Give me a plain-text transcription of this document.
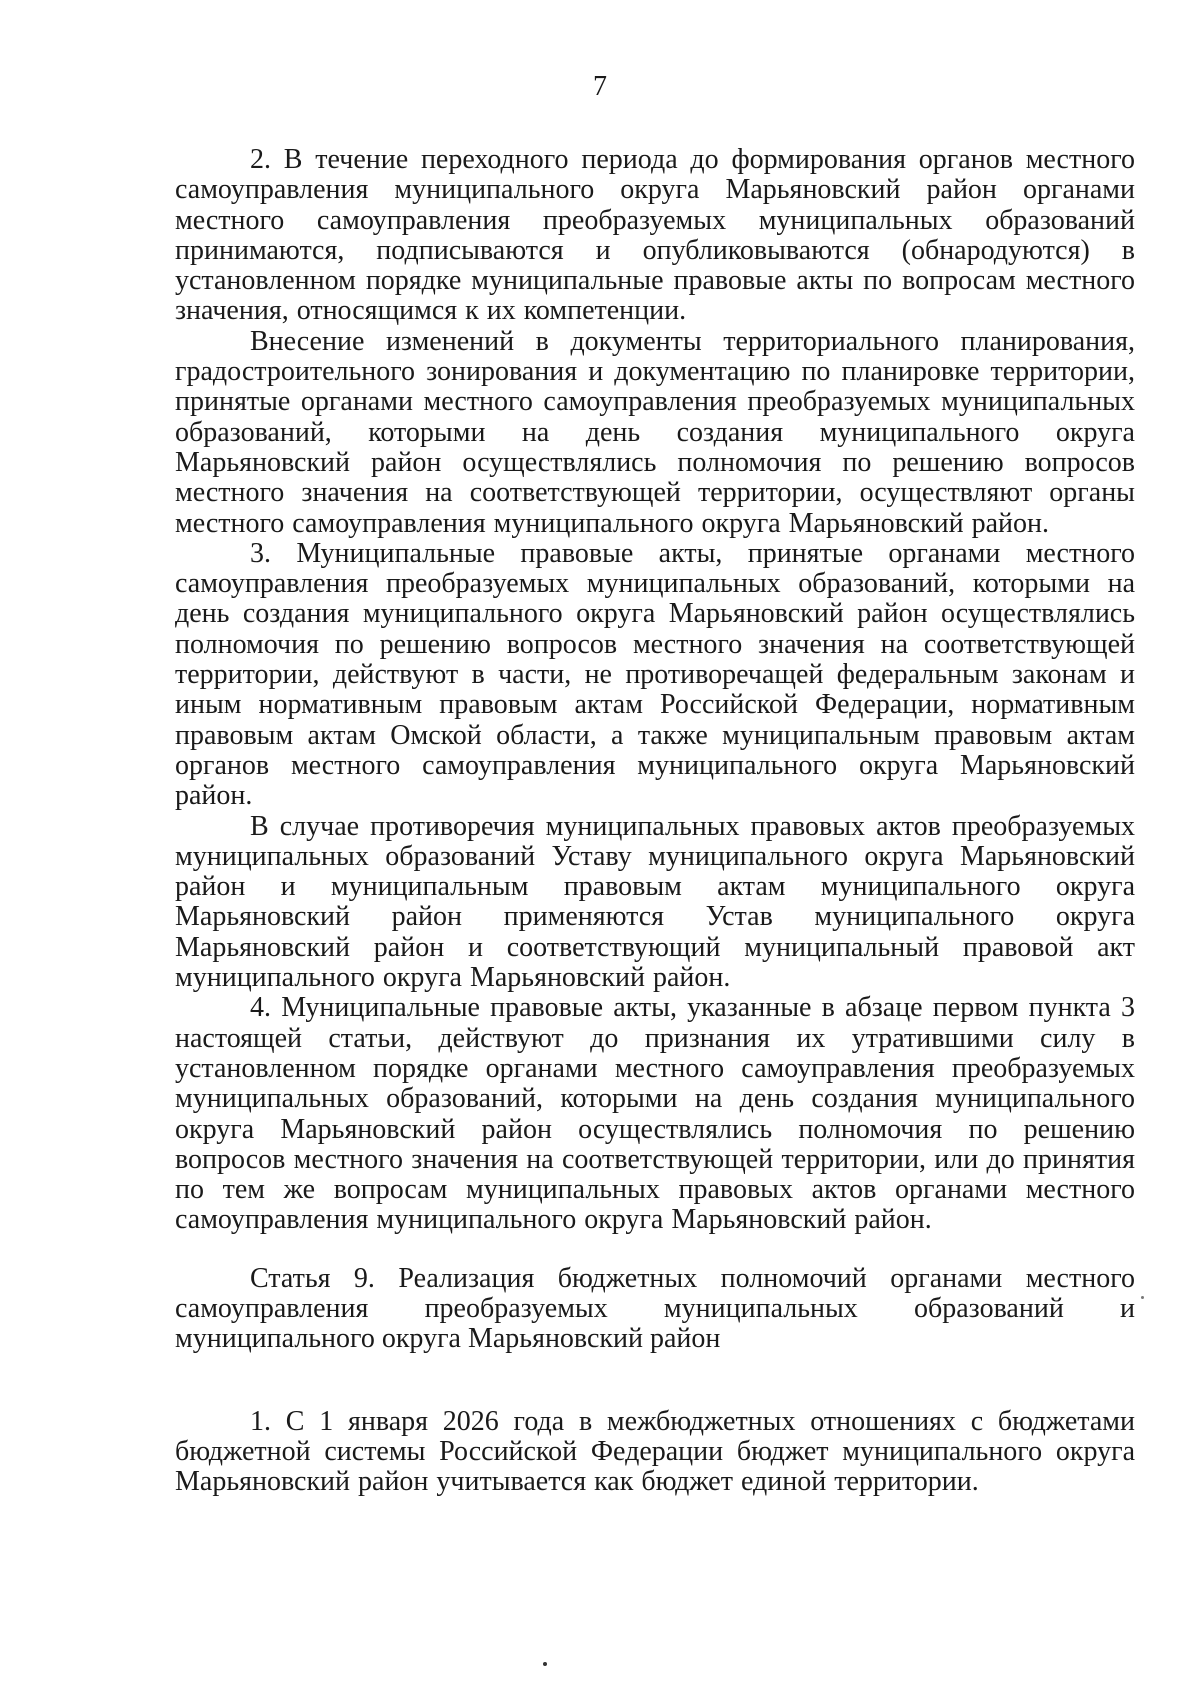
7

2. В течение переходного периода до формирования органов местного самоуправления муниципального округа Марьяновский район органами местного самоуправления преобразуемых муниципальных образований принимаются, подписываются и опубликовываются (обнародуются) в установленном порядке муниципальные правовые акты по вопросам местного значения, относящимся к их компетенции.

Внесение изменений в документы территориального планирования, градостроительного зонирования и документацию по планировке территории, принятые органами местного самоуправления преобразуемых муниципальных образований, которыми на день создания муниципального округа Марьяновский район осуществлялись полномочия по решению вопросов местного значения на соответствующей территории, осуществляют органы местного самоуправления муниципального округа Марьяновский район.

3. Муниципальные правовые акты, принятые органами местного самоуправления преобразуемых муниципальных образований, которыми на день создания муниципального округа Марьяновский район осуществлялись полномочия по решению вопросов местного значения на соответствующей территории, действуют в части, не противоречащей федеральным законам и иным нормативным правовым актам Российской Федерации, нормативным правовым актам Омской области, а также муниципальным правовым актам органов местного самоуправления муниципального округа Марьяновский район.

В случае противоречия муниципальных правовых актов преобразуемых муниципальных образований Уставу муниципального округа Марьяновский район и муниципальным правовым актам муниципального округа Марьяновский район применяются Устав муниципального округа Марьяновский район и соответствующий муниципальный правовой акт муниципального округа Марьяновский район.

4. Муниципальные правовые акты, указанные в абзаце первом пункта 3 настоящей статьи, действуют до признания их утратившими силу в установленном порядке органами местного самоуправления преобразуемых муниципальных образований, которыми на день создания муниципального округа Марьяновский район осуществлялись полномочия по решению вопросов местного значения на соответствующей территории, или до принятия по тем же вопросам муниципальных правовых актов органами местного самоуправления муниципального округа Марьяновский район.

Статья 9. Реализация бюджетных полномочий органами местного самоуправления преобразуемых муниципальных образований и муниципального округа Марьяновский район

1. С 1 января 2026 года в межбюджетных отношениях с бюджетами бюджетной системы Российской Федерации бюджет муниципального округа Марьяновский район учитывается как бюджет единой территории.
